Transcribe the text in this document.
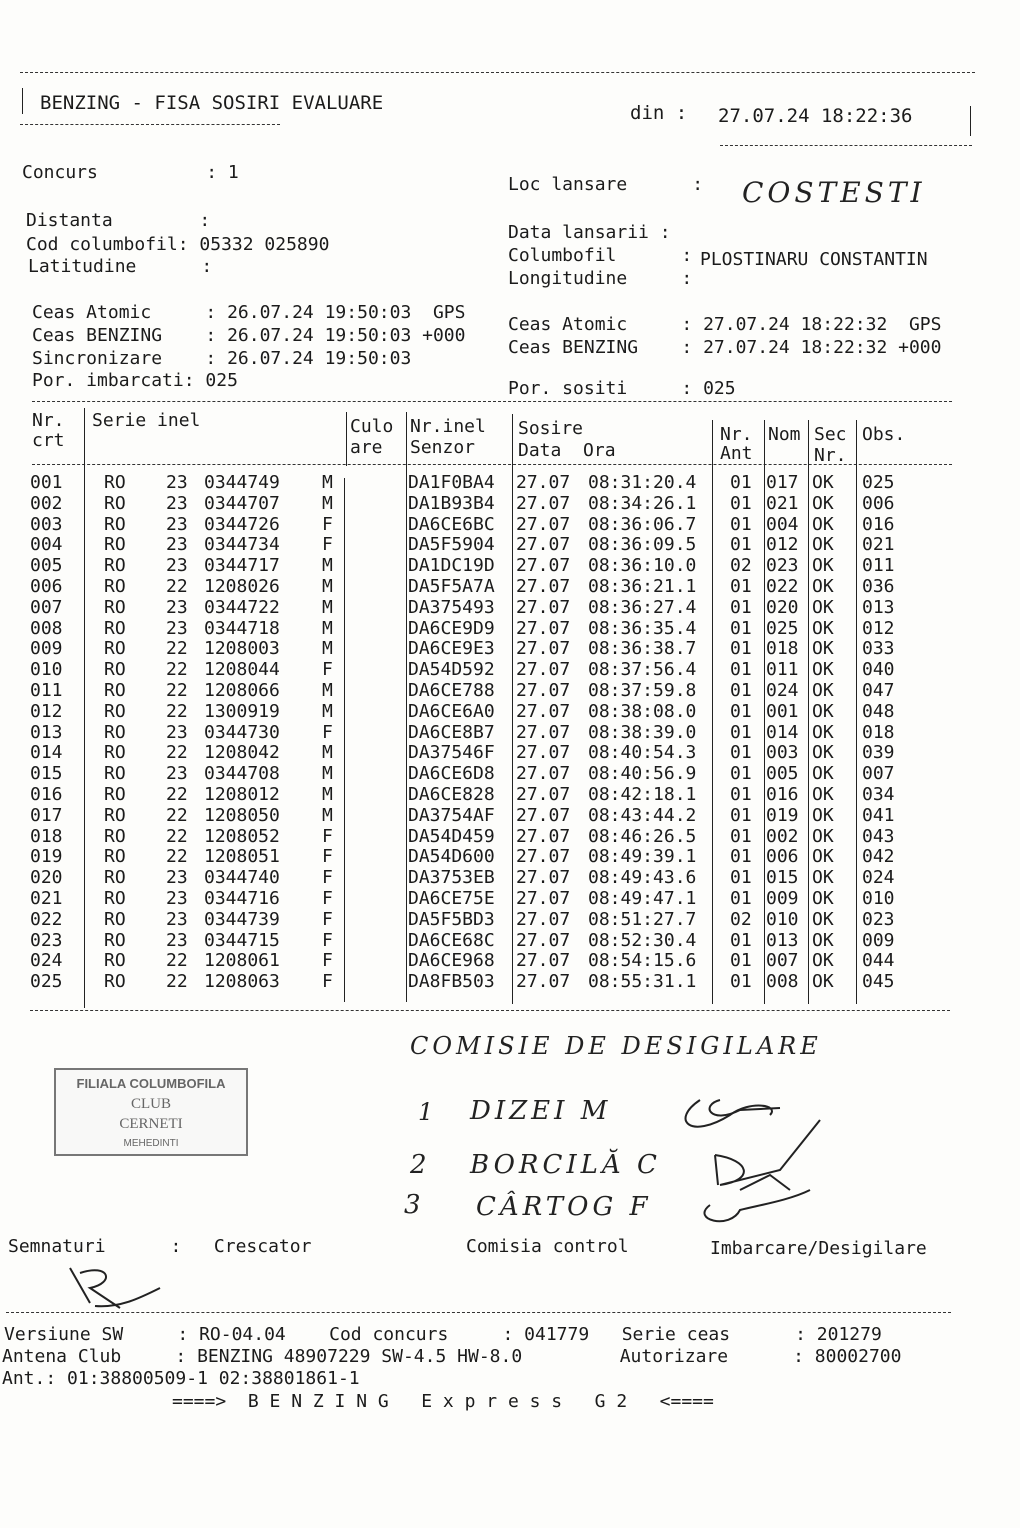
BENZING - FISA SOSIRI EVALUARE	din : 27.07.24 18:22:36
Concurs          : 1
Distanta        :
Cod columbofil: 05332 025890
Latitudine      :
Loc lansare      : COSTESTI
Data lansarii :
Columbofil      : PLOSTINARU CONSTANTIN
Longitudine     :
Ceas Atomic     : 26.07.24 19:50:03  GPS
Ceas BENZING    : 26.07.24 19:50:03 +000
Sincronizare    : 26.07.24 19:50:03
Por. imbarcati: 025
Ceas Atomic     : 27.07.24 18:22:32  GPS
Ceas BENZING    : 27.07.24 18:22:32 +000
Por. sositi     : 025
Nr.
crt
Serie inel	Culo
are
Nr.inel
Senzor
Sosire
Data  Ora
Nr.
Ant
Nom Sec
Nr.
Obs.
001 RO 23 0344749 M	DA1F0BA4 27.07 08:31:20.4 01 017 OK 025
002 RO 23 0344707 M	DA1B93B4 27.07 08:34:26.1 01 021 OK 006
003 RO 23 0344726 F	DA6CE6BC 27.07 08:36:06.7 01 004 OK 016
004 RO 23 0344734 F	DA5F5904 27.07 08:36:09.5 01 012 OK 021
005 RO 23 0344717 M	DA1DC19D 27.07 08:36:10.0 02 023 OK 011
006 RO 22 1208026 M	DA5F5A7A 27.07 08:36:21.1 01 022 OK 036
007 RO 23 0344722 M	DA375493 27.07 08:36:27.4 01 020 OK 013
008 RO 23 0344718 M	DA6CE9D9 27.07 08:36:35.4 01 025 OK 012
009 RO 22 1208003 M	DA6CE9E3 27.07 08:36:38.7 01 018 OK 033
010 RO 22 1208044 F	DA54D592 27.07 08:37:56.4 01 011 OK 040
011 RO 22 1208066 M	DA6CE788 27.07 08:37:59.8 01 024 OK 047
012 RO 22 1300919 M	DA6CE6A0 27.07 08:38:08.0 01 001 OK 048
013 RO 23 0344730 F	DA6CE8B7 27.07 08:38:39.0 01 014 OK 018
014 RO 22 1208042 M	DA37546F 27.07 08:40:54.3 01 003 OK 039
015 RO 23 0344708 M	DA6CE6D8 27.07 08:40:56.9 01 005 OK 007
016 RO 22 1208012 M	DA6CE828 27.07 08:42:18.1 01 016 OK 034
017 RO 22 1208050 M	DA3754AF 27.07 08:43:44.2 01 019 OK 041
018 RO 22 1208052 F	DA54D459 27.07 08:46:26.5 01 002 OK 043
019 RO 22 1208051 F	DA54D600 27.07 08:49:39.1 01 006 OK 042
020 RO 23 0344740 F	DA3753EB 27.07 08:49:43.6 01 015 OK 024
021 RO 23 0344716 F	DA6CE75E 27.07 08:49:47.1 01 009 OK 010
022 RO 23 0344739 F	DA5F5BD3 27.07 08:51:27.7 02 010 OK 023
023 RO 23 0344715 F	DA6CE68C 27.07 08:52:30.4 01 013 OK 009
024 RO 22 1208061 F	DA6CE968 27.07 08:54:15.6 01 007 OK 044
025 RO 22 1208063 F	DA8FB503 27.07 08:55:31.1 01 008 OK 045
COMISIE DE DESIGILARE
1 DIZEI M
2 BORCILĂ C
3 CÂRTOG F
FILIALA COLUMBOFILA
CLUB
CERNETI
MEHEDINTI
Semnaturi      :   Crescator	Comisia control	Imbarcare/Desigilare
Versiune SW     : RO-04.04    Cod concurs     : 041779   Serie ceas      : 201279
Antena Club     : BENZING 48907229 SW-4.5 HW-8.0         Autorizare      : 80002700
Ant.: 01:38800509-1 02:38801861-1
====>  B E N Z I N G   E x p r e s s   G 2   <====
